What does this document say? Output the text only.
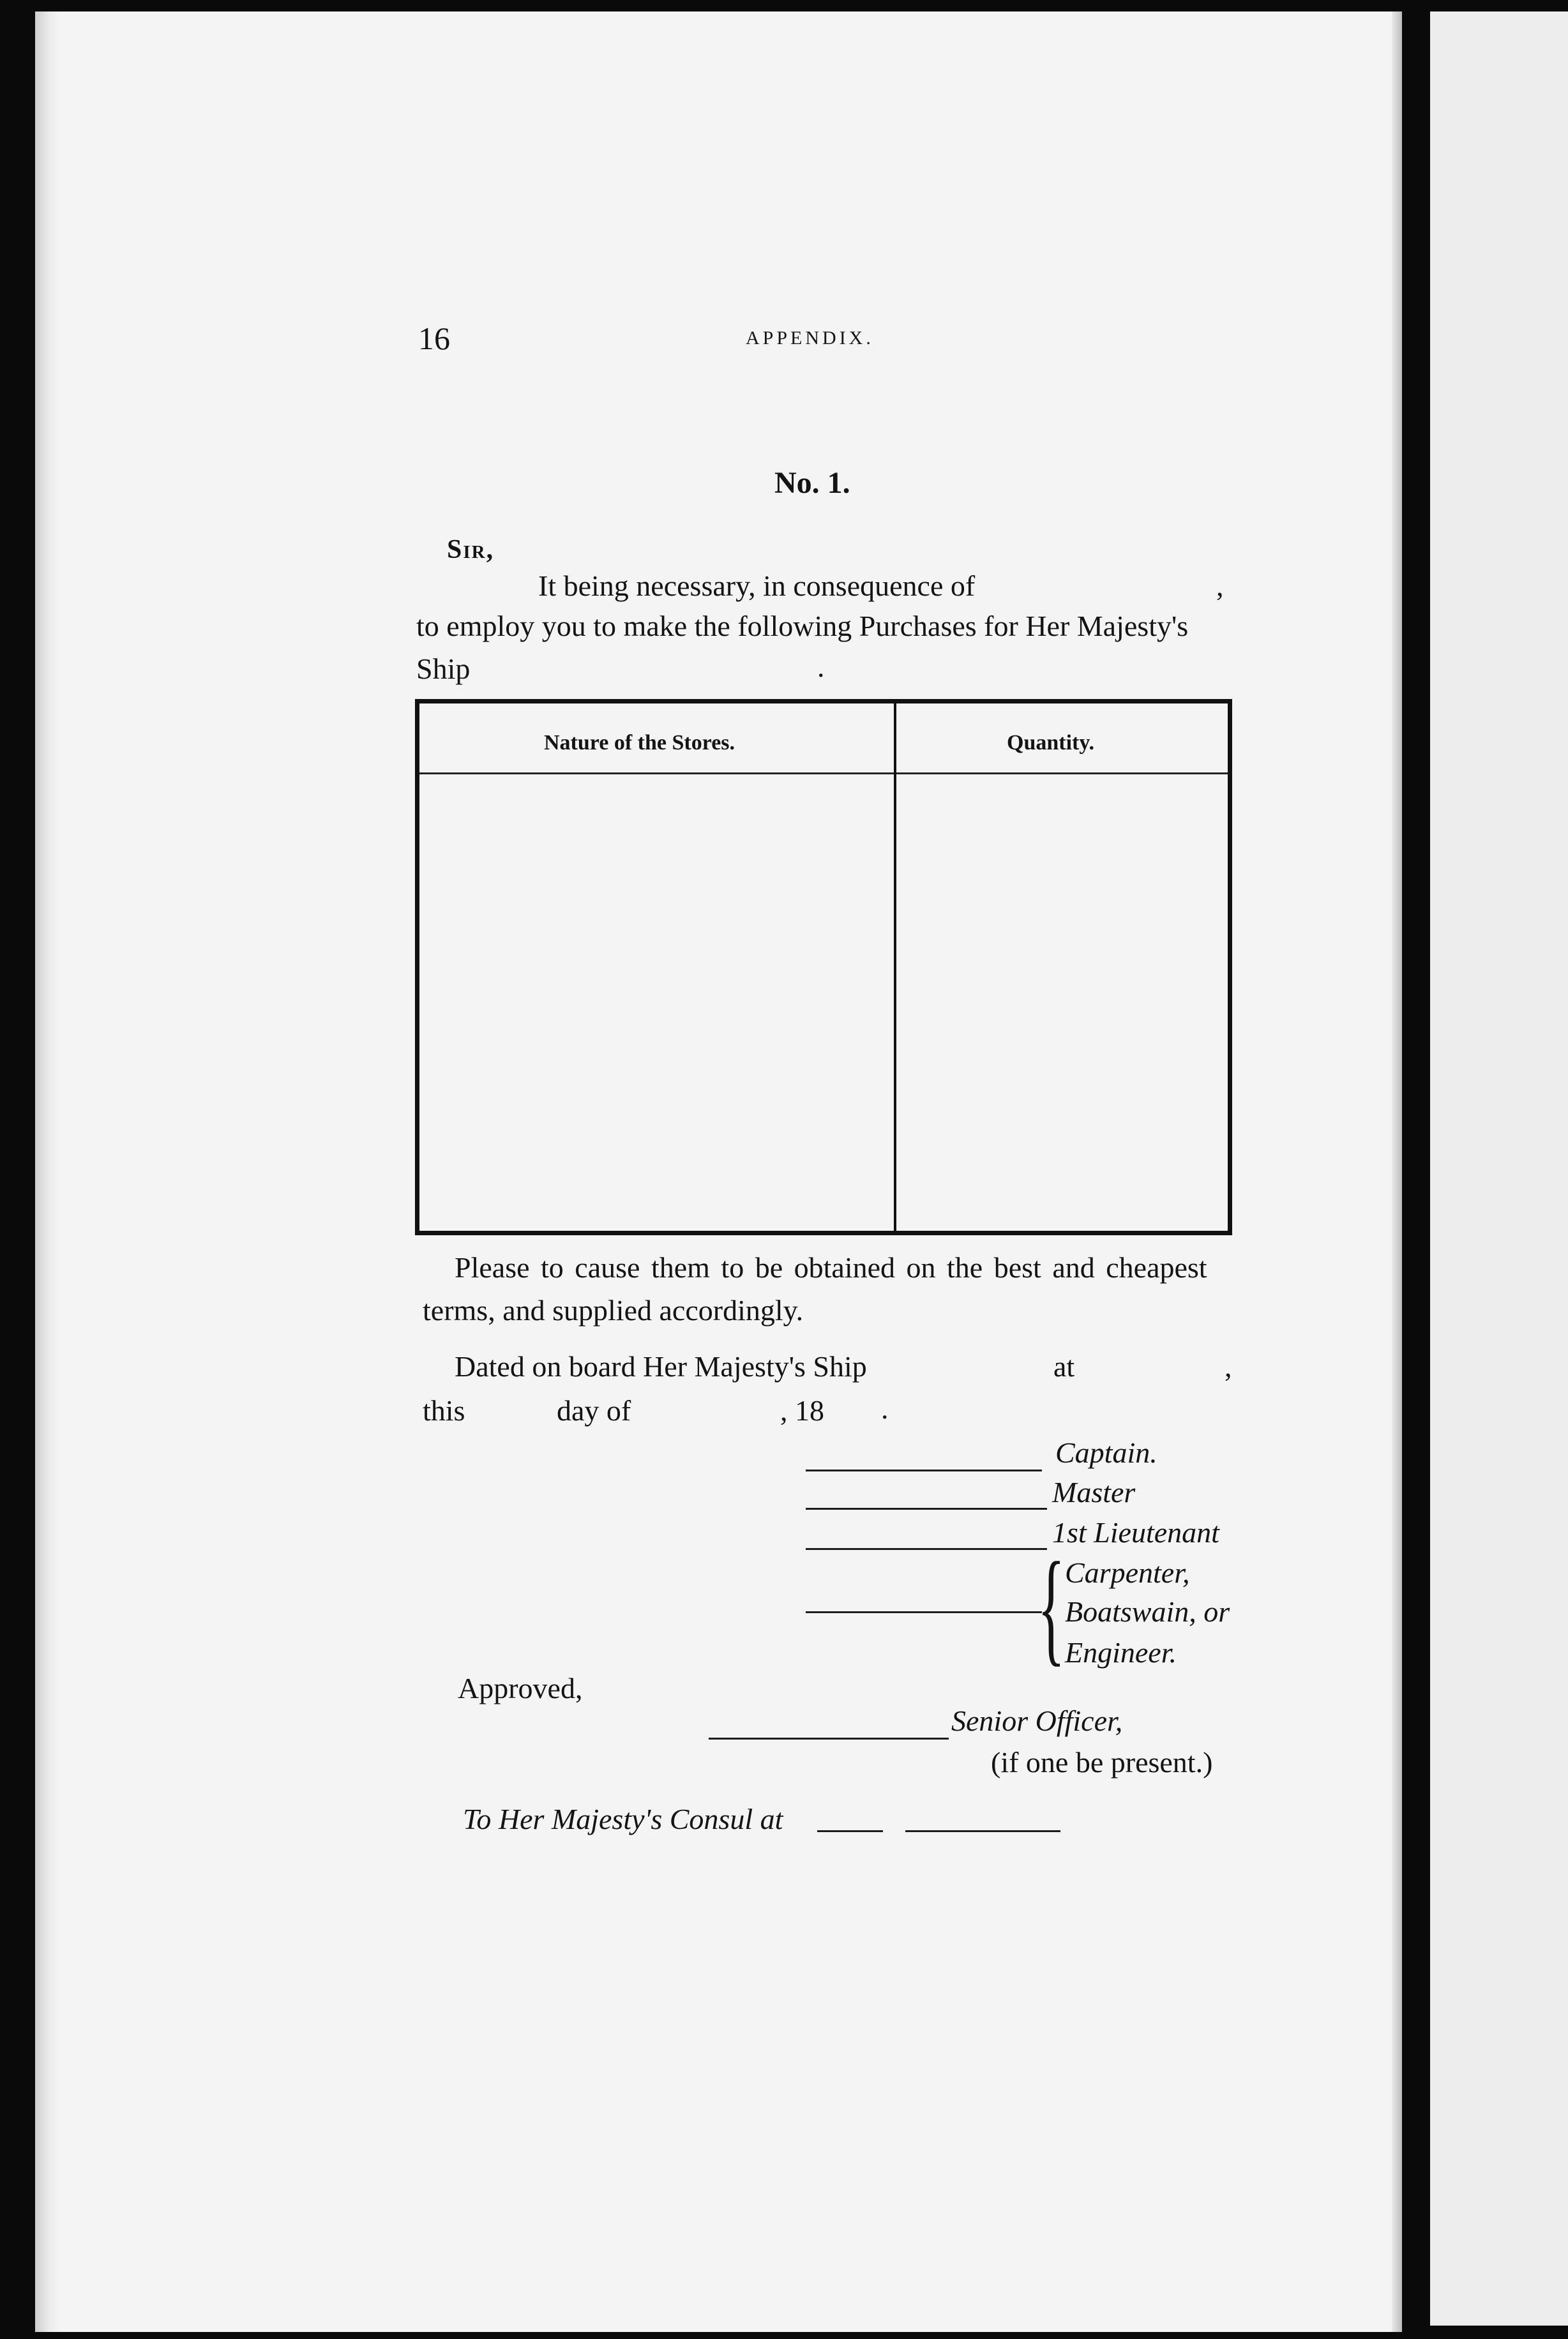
16	APPENDIX.
No. 1.
Sir,
It being necessary, in consequence of	,
to employ you to make the following Purchases for Her Majesty's
Ship	.
Nature of the Stores.	Quantity.
Please to cause them to be obtained on the best and cheapest
terms, and supplied accordingly.
Dated on board Her Majesty's Ship	at	,
this	day of	, 18 .
Captain.
Master
1st Lieutenant
{ Carpenter,
Boatswain, or
Engineer.
Approved,
Senior Officer,
(if one be present.)
To Her Majesty's Consul at
